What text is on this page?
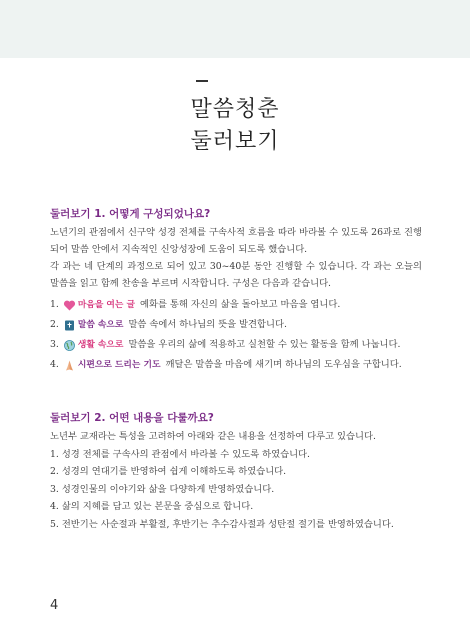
말씀청춘
둘러보기
둘러보기 1. 어떻게 구성되었나요?

노년기의 관점에서 신구약 성경 전체를 구속사적 흐름을 따라 바라볼 수 있도록 26과로 진행되어 말씀 안에서 지속적인 신앙성장에 도움이 되도록 했습니다.

각 과는 네 단계의 과정으로 되어 있고 30~40분 동안 진행할 수 있습니다. 각 과는 오늘의 말씀을 읽고 함께 찬송을 부르며 시작합니다. 구성은 다음과 같습니다.

1. 마음을 여는 글 예화를 통해 자신의 삶을 돌아보고 마음을 엽니다.
2. 말씀 속으로 말씀 속에서 하나님의 뜻을 발견합니다.
3. 생활 속으로 말씀을 우리의 삶에 적용하고 실천할 수 있는 활동을 함께 나눕니다.
4. 시편으로 드리는 기도 깨달은 말씀을 마음에 새기며 하나님의 도우심을 구합니다.
둘러보기 2. 어떤 내용을 다룰까요?
노년부 교재라는 특성을 고려하여 아래와 같은 내용을 선정하여 다루고 있습니다.
1. 성경 전체를 구속사의 관점에서 바라볼 수 있도록 하였습니다.
2. 성경의 연대기를 반영하여 쉽게 이해하도록 하였습니다.
3. 성경인물의 이야기와 삶을 다양하게 반영하였습니다.
4. 삶의 지혜를 담고 있는 본문을 중심으로 합니다.
5. 전반기는 사순절과 부활절, 후반기는 추수감사절과 성탄절 절기를 반영하였습니다.
4
